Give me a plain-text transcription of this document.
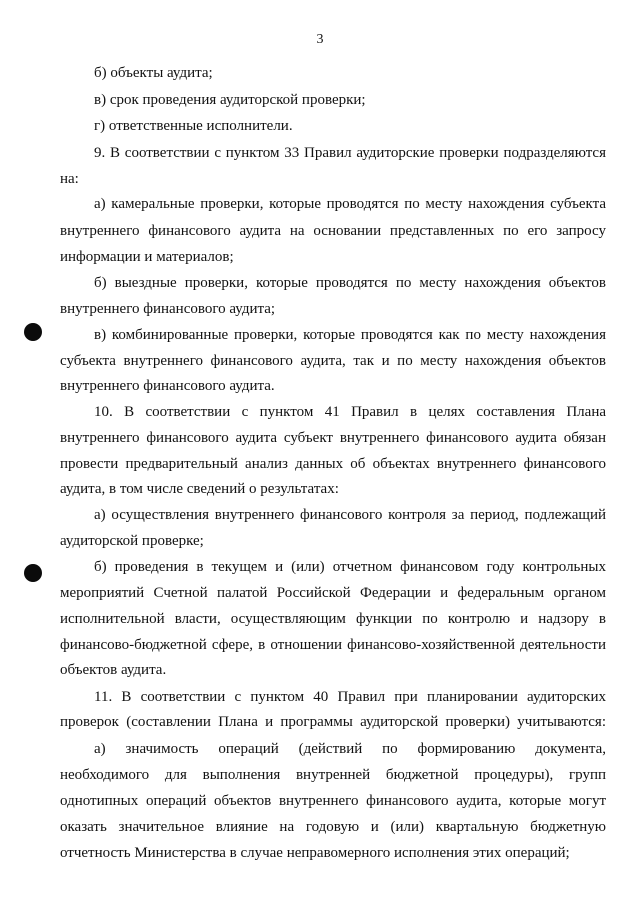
3
б) объекты аудита;
в) срок проведения аудиторской проверки;
г) ответственные исполнители.
9. В соответствии с пунктом 33 Правил аудиторские проверки подразделяются
на:
а) камеральные проверки, которые проводятся по месту нахождения субъекта
внутреннего финансового аудита на основании представленных по его запросу
информации и материалов;
б) выездные проверки, которые проводятся по месту нахождения объектов
внутреннего финансового аудита;
в) комбинированные проверки, которые проводятся как по месту нахождения
субъекта внутреннего финансового аудита, так и по месту нахождения объектов
внутреннего финансового аудита.
10. В соответствии с пунктом 41 Правил в целях составления Плана
внутреннего финансового аудита субъект внутреннего финансового аудита обязан
провести предварительный анализ данных об объектах внутреннего финансового
аудита, в том числе сведений о результатах:
а) осуществления внутреннего финансового контроля за период, подлежащий
аудиторской проверке;
б) проведения в текущем и (или) отчетном финансовом году контрольных
мероприятий Счетной палатой Российской Федерации и федеральным органом
исполнительной власти, осуществляющим функции по контролю и надзору в
финансово-бюджетной сфере, в отношении финансово-хозяйственной деятельности
объектов аудита.
11. В соответствии с пунктом 40 Правил при планировании аудиторских
проверок (составлении Плана и программы аудиторской проверки) учитываются:
а) значимость операций (действий по формированию документа,
необходимого для выполнения внутренней бюджетной процедуры), групп
однотипных операций объектов внутреннего финансового аудита, которые могут
оказать значительное влияние на годовую и (или) квартальную бюджетную
отчетность Министерства в случае неправомерного исполнения этих операций;
